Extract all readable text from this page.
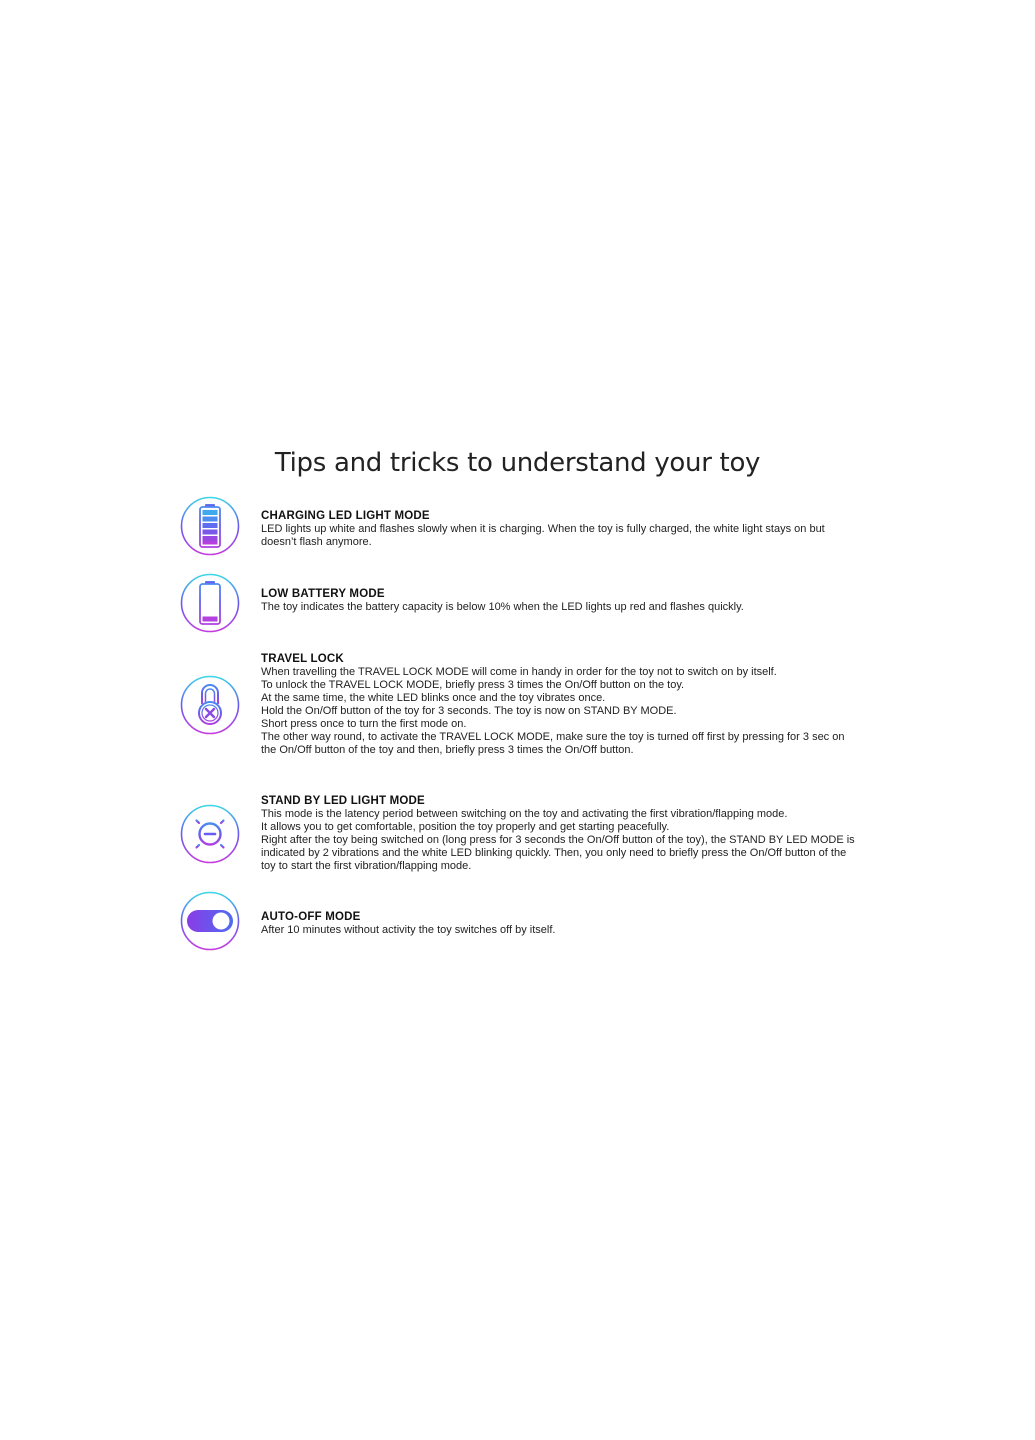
Tips and tricks to understand your toy

CHARGING LED LIGHT MODE

LED lights up white and flashes slowly when it is charging. When the toy is fully charged, the white light stays on but doesn’t flash anymore.

LOW BATTERY MODE

The toy indicates the battery capacity is below 10% when the LED lights up red and flashes quickly.

TRAVEL LOCK

When travelling the TRAVEL LOCK MODE will come in handy in order for the toy not to switch on by itself.
To unlock the TRAVEL LOCK MODE, briefly press 3 times the On/Off button on the toy.
At the same time, the white LED blinks once and the toy vibrates once.
Hold the On/Off button of the toy for 3 seconds. The toy is now on STAND BY MODE.
Short press once to turn the first mode on.
The other way round, to activate the TRAVEL LOCK MODE, make sure the toy is turned off first by pressing for 3 sec on the On/Off button of the toy and then, briefly press 3 times the On/Off button.

STAND BY LED LIGHT MODE

This mode is the latency period between switching on the toy and activating the first vibration/flapping mode.
It allows you to get comfortable, position the toy properly and get starting peacefully.
Right after the toy being switched on (long press for 3 seconds the On/Off button of the toy), the STAND BY LED MODE is indicated by 2 vibrations and the white LED blinking quickly. Then, you only need to briefly press the On/Off button of the toy to start the first vibration/flapping mode.

AUTO-OFF MODE

After 10 minutes without activity the toy switches off by itself.
